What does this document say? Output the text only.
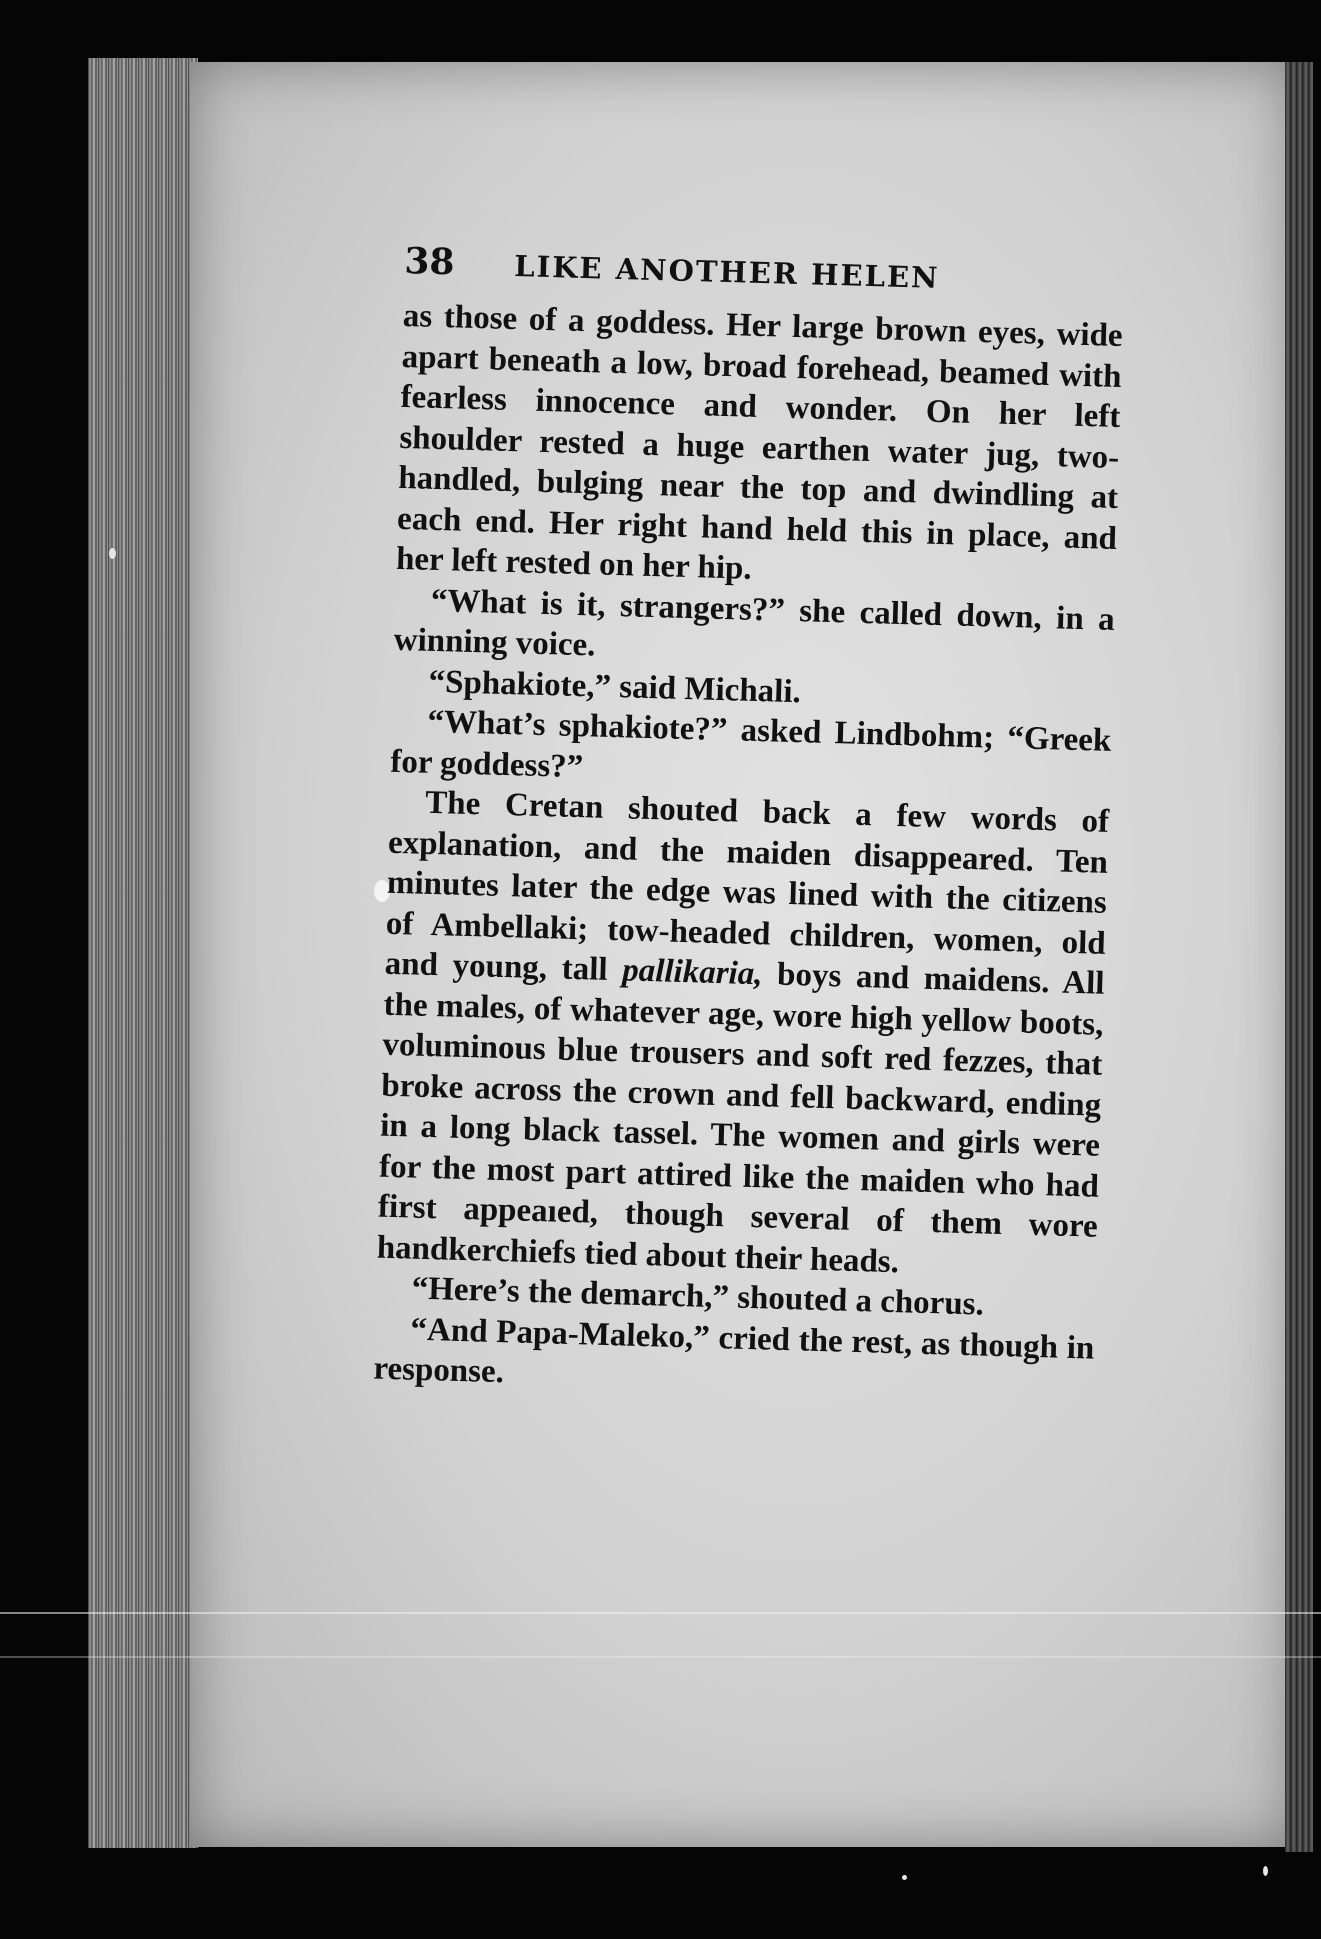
38	LIKE ANOTHER HELEN

as those of a goddess. Her large brown eyes, wide apart beneath a low, broad forehead, beamed with fearless innocence and wonder. On her left shoulder rested a huge earthen water jug, two-handled, bulging near the top and dwindling at each end. Her right hand held this in place, and her left rested on her hip.

“What is it, strangers?” she called down, in a winning voice.

“Sphakiote,” said Michali.

“What’s sphakiote?” asked Lindbohm; “Greek for goddess?”

The Cretan shouted back a few words of explanation, and the maiden disappeared. Ten minutes later the edge was lined with the citizens of Ambellaki; tow-headed children, women, old and young, tall pallikaria, boys and maidens. All the males, of whatever age, wore high yellow boots, voluminous blue trousers and soft red fezzes, that broke across the crown and fell backward, ending in a long black tassel. The women and girls were for the most part attired like the maiden who had first appeaıed, though several of them wore handkerchiefs tied about their heads.

“Here’s the demarch,” shouted a chorus.

“And Papa-Maleko,” cried the rest, as though in response.
